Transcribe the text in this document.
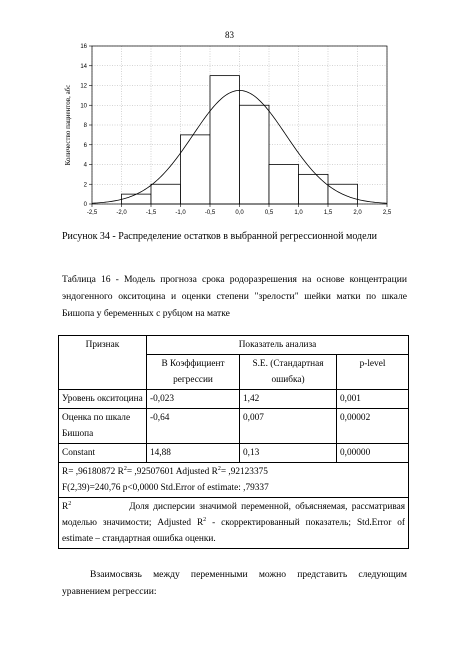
83
-2,5	-2,0	-1,5	-1,0	-0,5	0,0	0,5	1,0	1,5	2,0	2,5
0
2
4
6
8
10
12
14
16
Количество пациентов, абс
Рисунок 34 - Распределение остатков в выбранной регрессионной модели
Таблица 16 - Модель прогноза срока родоразрешения на основе концентрации эндогенного окситоцина и оценки степени "зрелости" шейки матки по шкале Бишопа у беременных с рубцом на матке
Признак	Показатель анализа		
	В Коэффициент регрессии	S.E. (Стандартная ошибка)	p-level
Уровень окситоцина	-0,023	1,42	0,001
Оценка по шкале Бишопа	-0,64	0,007	0,00002
Constant	14,88	0,13	0,00000
R= ,96180872 $R^2= ,92507601$ Adjusted $R^2= ,92123375$
F(2,39)=240,76 p<0,0000 Std.Error of estimate: ,79337			
$R^2$ Доля дисперсии значимой переменной, объясняемая, рассматривая моделью значимости; Adjusted $R^2$ - скорректированный показатель; Std.Error of estimate – стандартная ошибка оценки.			
Взаимосвязь между переменными можно представить следующим уравнением регрессии:
